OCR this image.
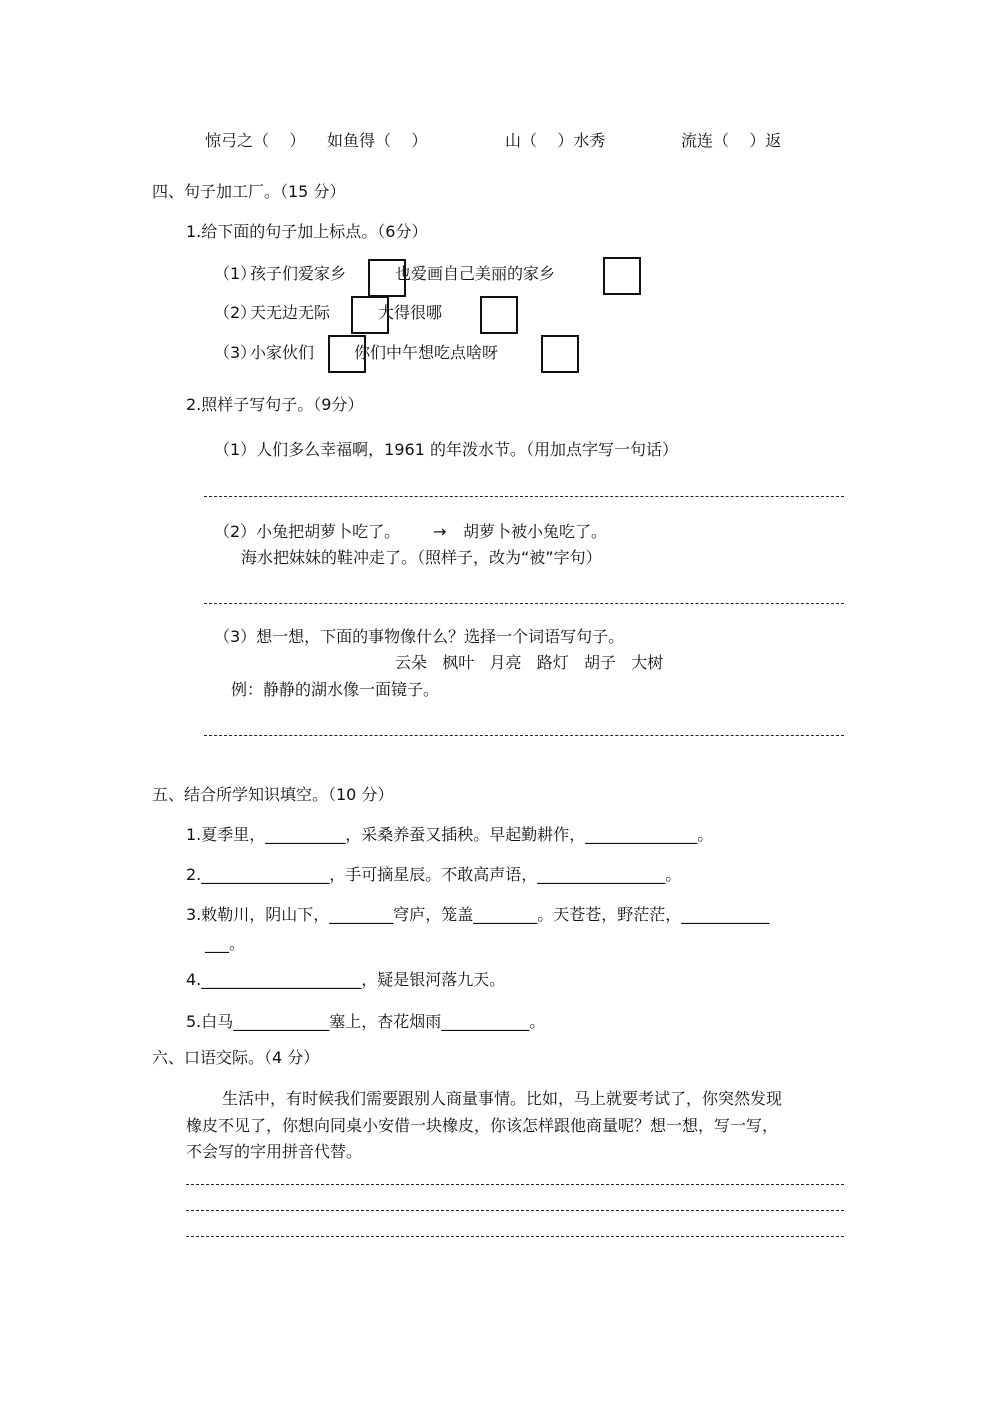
惊弓之（    ） 如鱼得（    ）	山（    ）水秀	流连（    ）返
四、句子加工厂。（15 分）
1.给下面的句子加上标点。（6分）
（1）
孩子们爱家乡	也爱画自己美丽的家乡
（2）
天无边无际	大得很哪
（3）
小家伙们 你们中午想吃点啥呀
2.照样子写句子。（9分）
（1）人们多么幸福啊，1961 的年泼水节。（用加点字写一句话）
（2）小兔把胡萝卜吃了。 → 胡萝卜被小兔吃了。
海水把妹妹的鞋冲走了。（照样子，改为“被”字句）
（3）想一想，下面的事物像什么？选择一个词语写句子。
云朵   枫叶   月亮   路灯   胡子   大树
例：静静的湖水像一面镜子。
五、结合所学知识填空。（10 分）
1.夏季里，__________，采桑养蚕又插秧。早起勤耕作，______________。
2.________________，手可摘星辰。不敢高声语，________________。
3.敕勒川，阴山下，________穹庐，笼盖________。天苍苍，野茫茫，___________
___。
4.____________________，疑是银河落九天。
5.白马____________塞上，杏花烟雨___________。
六、口语交际。（4 分）
生活中，有时候我们需要跟别人商量事情。比如，马上就要考试了，你突然发现
橡皮不见了，你想向同桌小安借一块橡皮，你该怎样跟他商量呢？想一想，写一写，
不会写的字用拼音代替。
